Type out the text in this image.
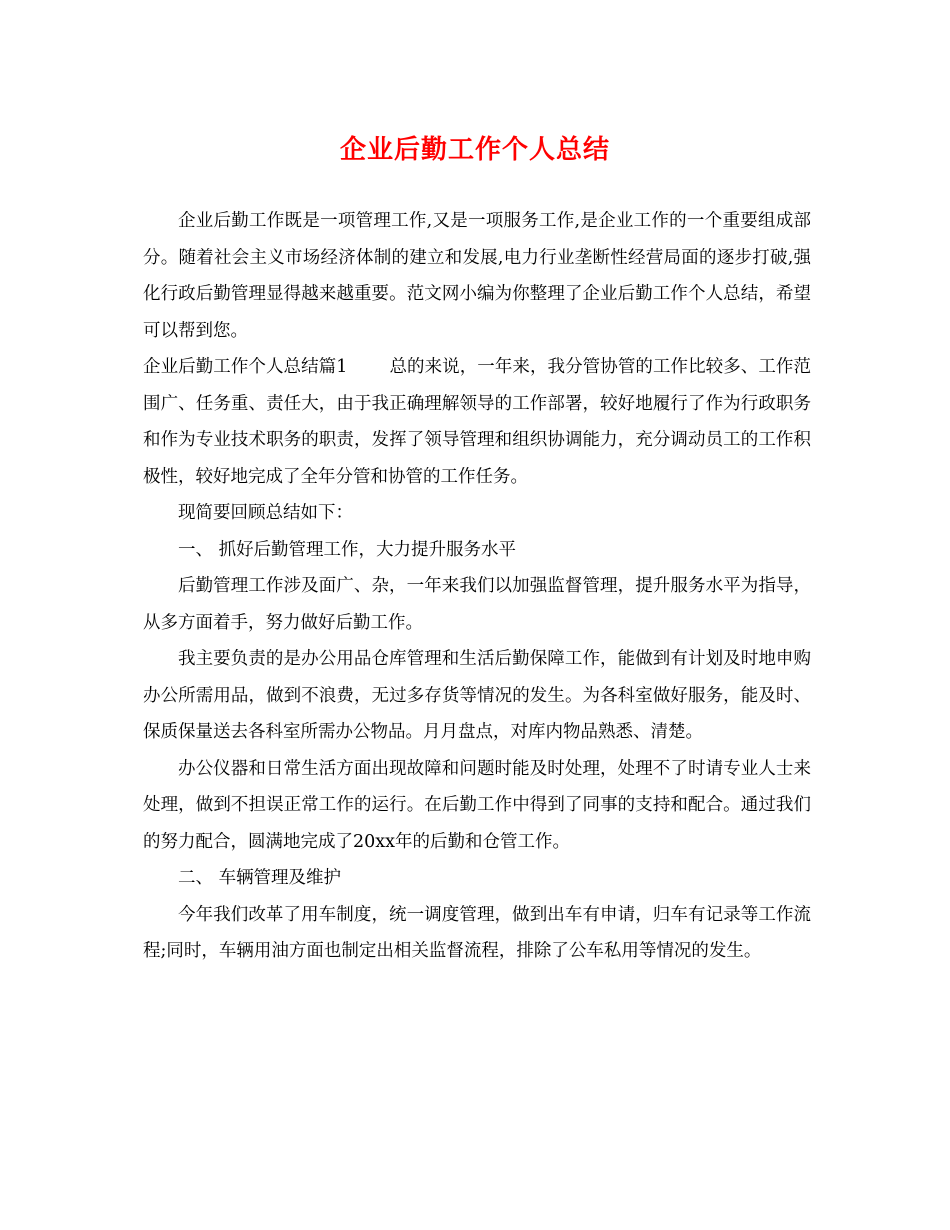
企业后勤工作个人总结

企业后勤工作既是一项管理工作,又是一项服务工作,是企业工作的一个重要组成部分。随着社会主义市场经济体制的建立和发展,电力行业垄断性经营局面的逐步打破,强化行政后勤管理显得越来越重要。范文网小编为你整理了企业后勤工作个人总结，希望可以帮到您。

企业后勤工作个人总结篇1 总的来说，一年来，我分管协管的工作比较多、工作范围广、任务重、责任大，由于我正确理解领导的工作部署，较好地履行了作为行政职务和作为专业技术职务的职责，发挥了领导管理和组织协调能力，充分调动员工的工作积极性，较好地完成了全年分管和协管的工作任务。

现简要回顾总结如下：

一、 抓好后勤管理工作，大力提升服务水平

后勤管理工作涉及面广、杂，一年来我们以加强监督管理，提升服务水平为指导，从多方面着手，努力做好后勤工作。

我主要负责的是办公用品仓库管理和生活后勤保障工作，能做到有计划及时地申购办公所需用品，做到不浪费，无过多存货等情况的发生。为各科室做好服务，能及时、保质保量送去各科室所需办公物品。月月盘点，对库内物品熟悉、清楚。

办公仪器和日常生活方面出现故障和问题时能及时处理，处理不了时请专业人士来处理，做到不担误正常工作的运行。在后勤工作中得到了同事的支持和配合。通过我们的努力配合，圆满地完成了20xx年的后勤和仓管工作。

二、 车辆管理及维护

今年我们改革了用车制度，统一调度管理，做到出车有申请，归车有记录等工作流程;同时，车辆用油方面也制定出相关监督流程，排除了公车私用等情况的发生。
